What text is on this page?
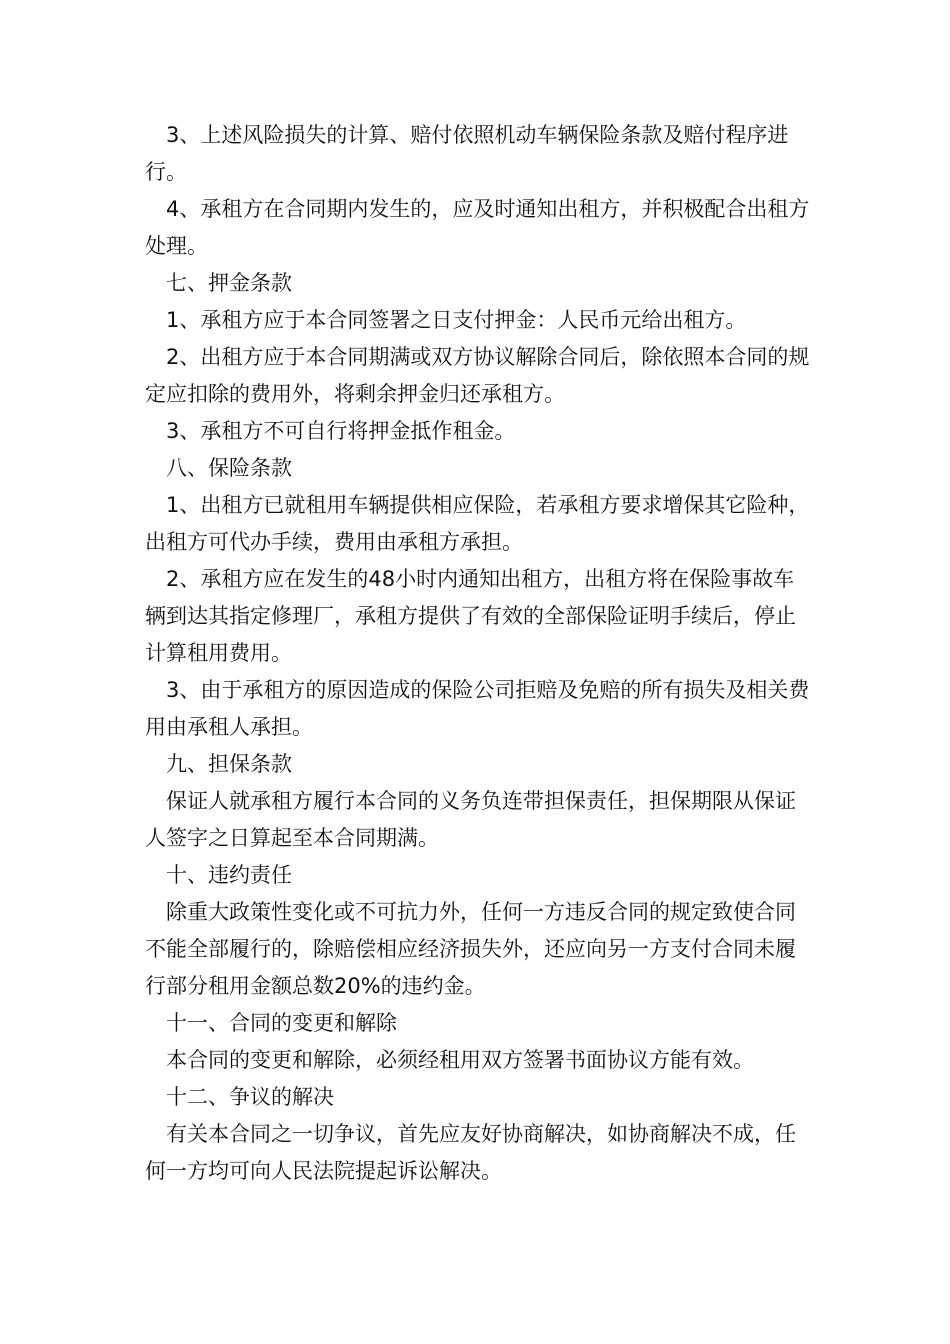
3、上述风险损失的计算、赔付依照机动车辆保险条款及赔付程序进行。

4、承租方在合同期内发生的，应及时通知出租方，并积极配合出租方处理。

七、押金条款

1、承租方应于本合同签署之日支付押金：人民币元给出租方。

2、出租方应于本合同期满或双方协议解除合同后，除依照本合同的规定应扣除的费用外，将剩余押金归还承租方。

3、承租方不可自行将押金抵作租金。

八、保险条款

1、出租方已就租用车辆提供相应保险，若承租方要求增保其它险种，出租方可代办手续，费用由承租方承担。

2、承租方应在发生的48小时内通知出租方，出租方将在保险事故车辆到达其指定修理厂，承租方提供了有效的全部保险证明手续后，停止计算租用费用。

3、由于承租方的原因造成的保险公司拒赔及免赔的所有损失及相关费用由承租人承担。

九、担保条款

保证人就承租方履行本合同的义务负连带担保责任，担保期限从保证人签字之日算起至本合同期满。

十、违约责任

除重大政策性变化或不可抗力外，任何一方违反合同的规定致使合同不能全部履行的，除赔偿相应经济损失外，还应向另一方支付合同未履行部分租用金额总数20%的违约金。

十一、合同的变更和解除

本合同的变更和解除，必须经租用双方签署书面协议方能有效。

十二、争议的解决

有关本合同之一切争议，首先应友好协商解决，如协商解决不成，任何一方均可向人民法院提起诉讼解决。
